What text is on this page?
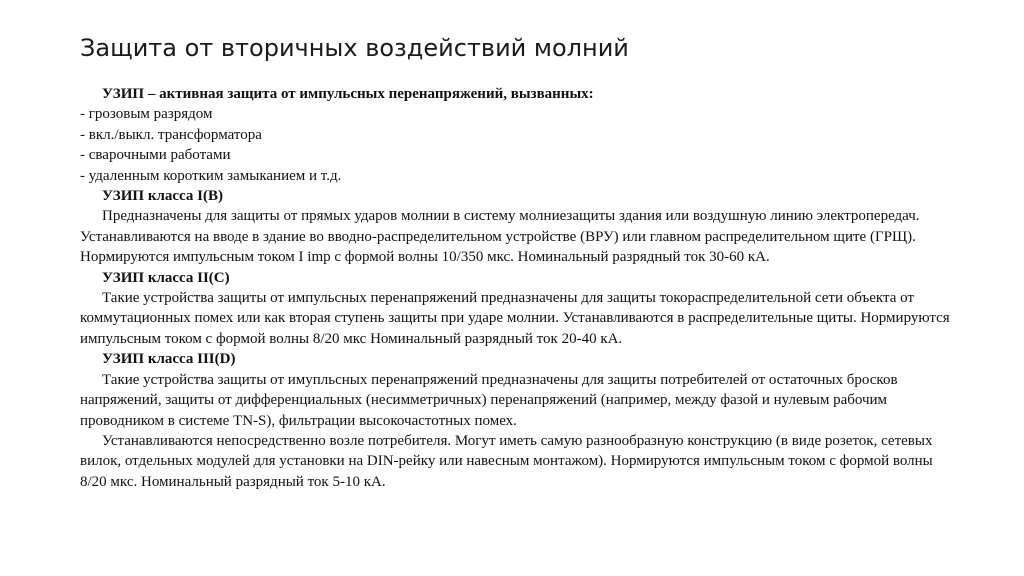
Защита от вторичных воздействий молний

УЗИП – активная защита от импульсных перенапряжений, вызванных:

- грозовым разрядом

- вкл./выкл. трансформатора

- сварочными работами

- удаленным коротким замыканием и т.д.

УЗИП класса I(B)

Предназначены для защиты от прямых ударов молнии в систему молниезащиты здания или воздушную линию электропередач. Устанавливаются на вводе в здание во вводно-распределительном устройстве (ВРУ) или главном распределительном щите (ГРЩ). Нормируются импульсным током I imp с формой волны 10/350 мкс. Номинальный разрядный ток 30-60 кА.

УЗИП класса II(C)

Такие устройства защиты от импульсных перенапряжений предназначены для защиты токораспределительной сети объекта от коммутационных помех или как вторая ступень защиты при ударе молнии. Устанавливаются в распределительные щиты. Нормируются импульсным током с формой волны 8/20 мкс Номинальный разрядный ток 20-40 кА.

УЗИП класса III(D)

Такие устройства защиты от имупльсных перенапряжений предназначены для защиты потребителей от остаточных бросков напряжений, защиты от дифференциальных (несимметричных) перенапряжений (например, между фазой и нулевым рабочим проводником в системе TN-S), фильтрации высокочастотных помех.

Устанавливаются непосредственно возле потребителя. Могут иметь самую разнообразную конструкцию (в виде розеток, сетевых вилок, отдельных модулей для установки на DIN-рейку или навесным монтажом). Нормируются импульсным током с формой волны 8/20 мкс. Номинальный разрядный ток 5-10 кА.
